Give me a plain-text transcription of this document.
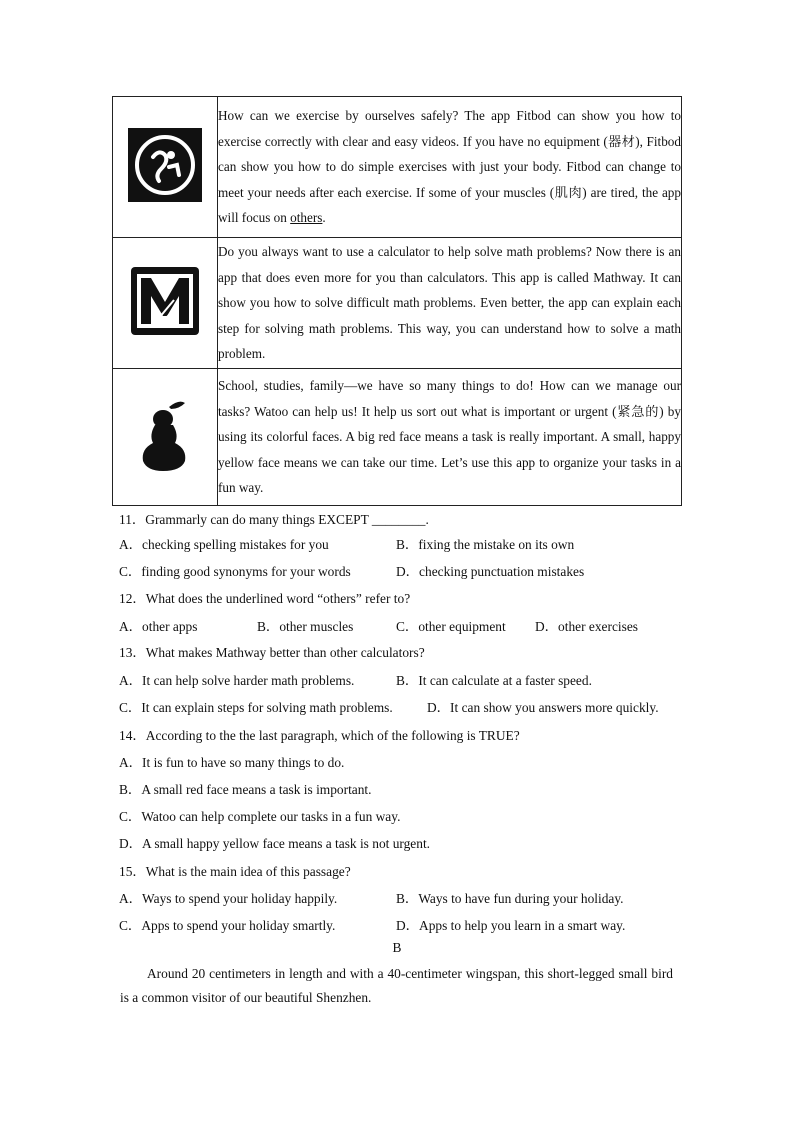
	How can we exercise by ourselves safely? The app Fitbod can show you how to exercise correctly with clear and easy videos. If you have no equipment (器材), Fitbod can show you how to do simple exercises with just your body. Fitbod can change to meet your needs after each exercise. If some of your muscles (肌肉) are tired, the app will focus on others.
	Do you always want to use a calculator to help solve math problems? Now there is an app that does even more for you than calculators. This app is called Mathway. It can show you how to solve difficult math problems. Even better, the app can explain each step for solving math problems. This way, you can understand how to solve a math problem.
	School, studies, family—we have so many things to do! How can we manage our tasks? Watoo can help us! It help us sort out what is important or urgent (紧急的) by using its colorful faces. A big red face means a task is really important. A small, happy yellow face means we can take our time. Let’s use this app to organize your tasks in a fun way.
11．Grammarly can do many things EXCEPT ________.
A．checking spelling mistakes for you	B．fixing the mistake on its own
C．finding good synonyms for your words	D．checking punctuation mistakes
12．What does the underlined word “others” refer to?
A．other apps	B．other muscles	C．other equipment D．other exercises
13．What makes Mathway better than other calculators?
A．It can help solve harder math problems.	B．It can calculate at a faster speed.
C．It can explain steps for solving math problems.	D．It can show you answers more quickly.
14．According to the the last paragraph, which of the following is TRUE?
A．It is fun to have so many things to do.
B．A small red face means a task is important.
C．Watoo can help complete our tasks in a fun way.
D．A small happy yellow face means a task is not urgent.
15．What is the main idea of this passage?
A．Ways to spend your holiday happily.	B．Ways to have fun during your holiday.
C．Apps to spend your holiday smartly.	D．Apps to help you learn in a smart way.
B
Around 20 centimeters in length and with a 40-centimeter wingspan, this short-legged small bird is a common visitor of our beautiful Shenzhen.
